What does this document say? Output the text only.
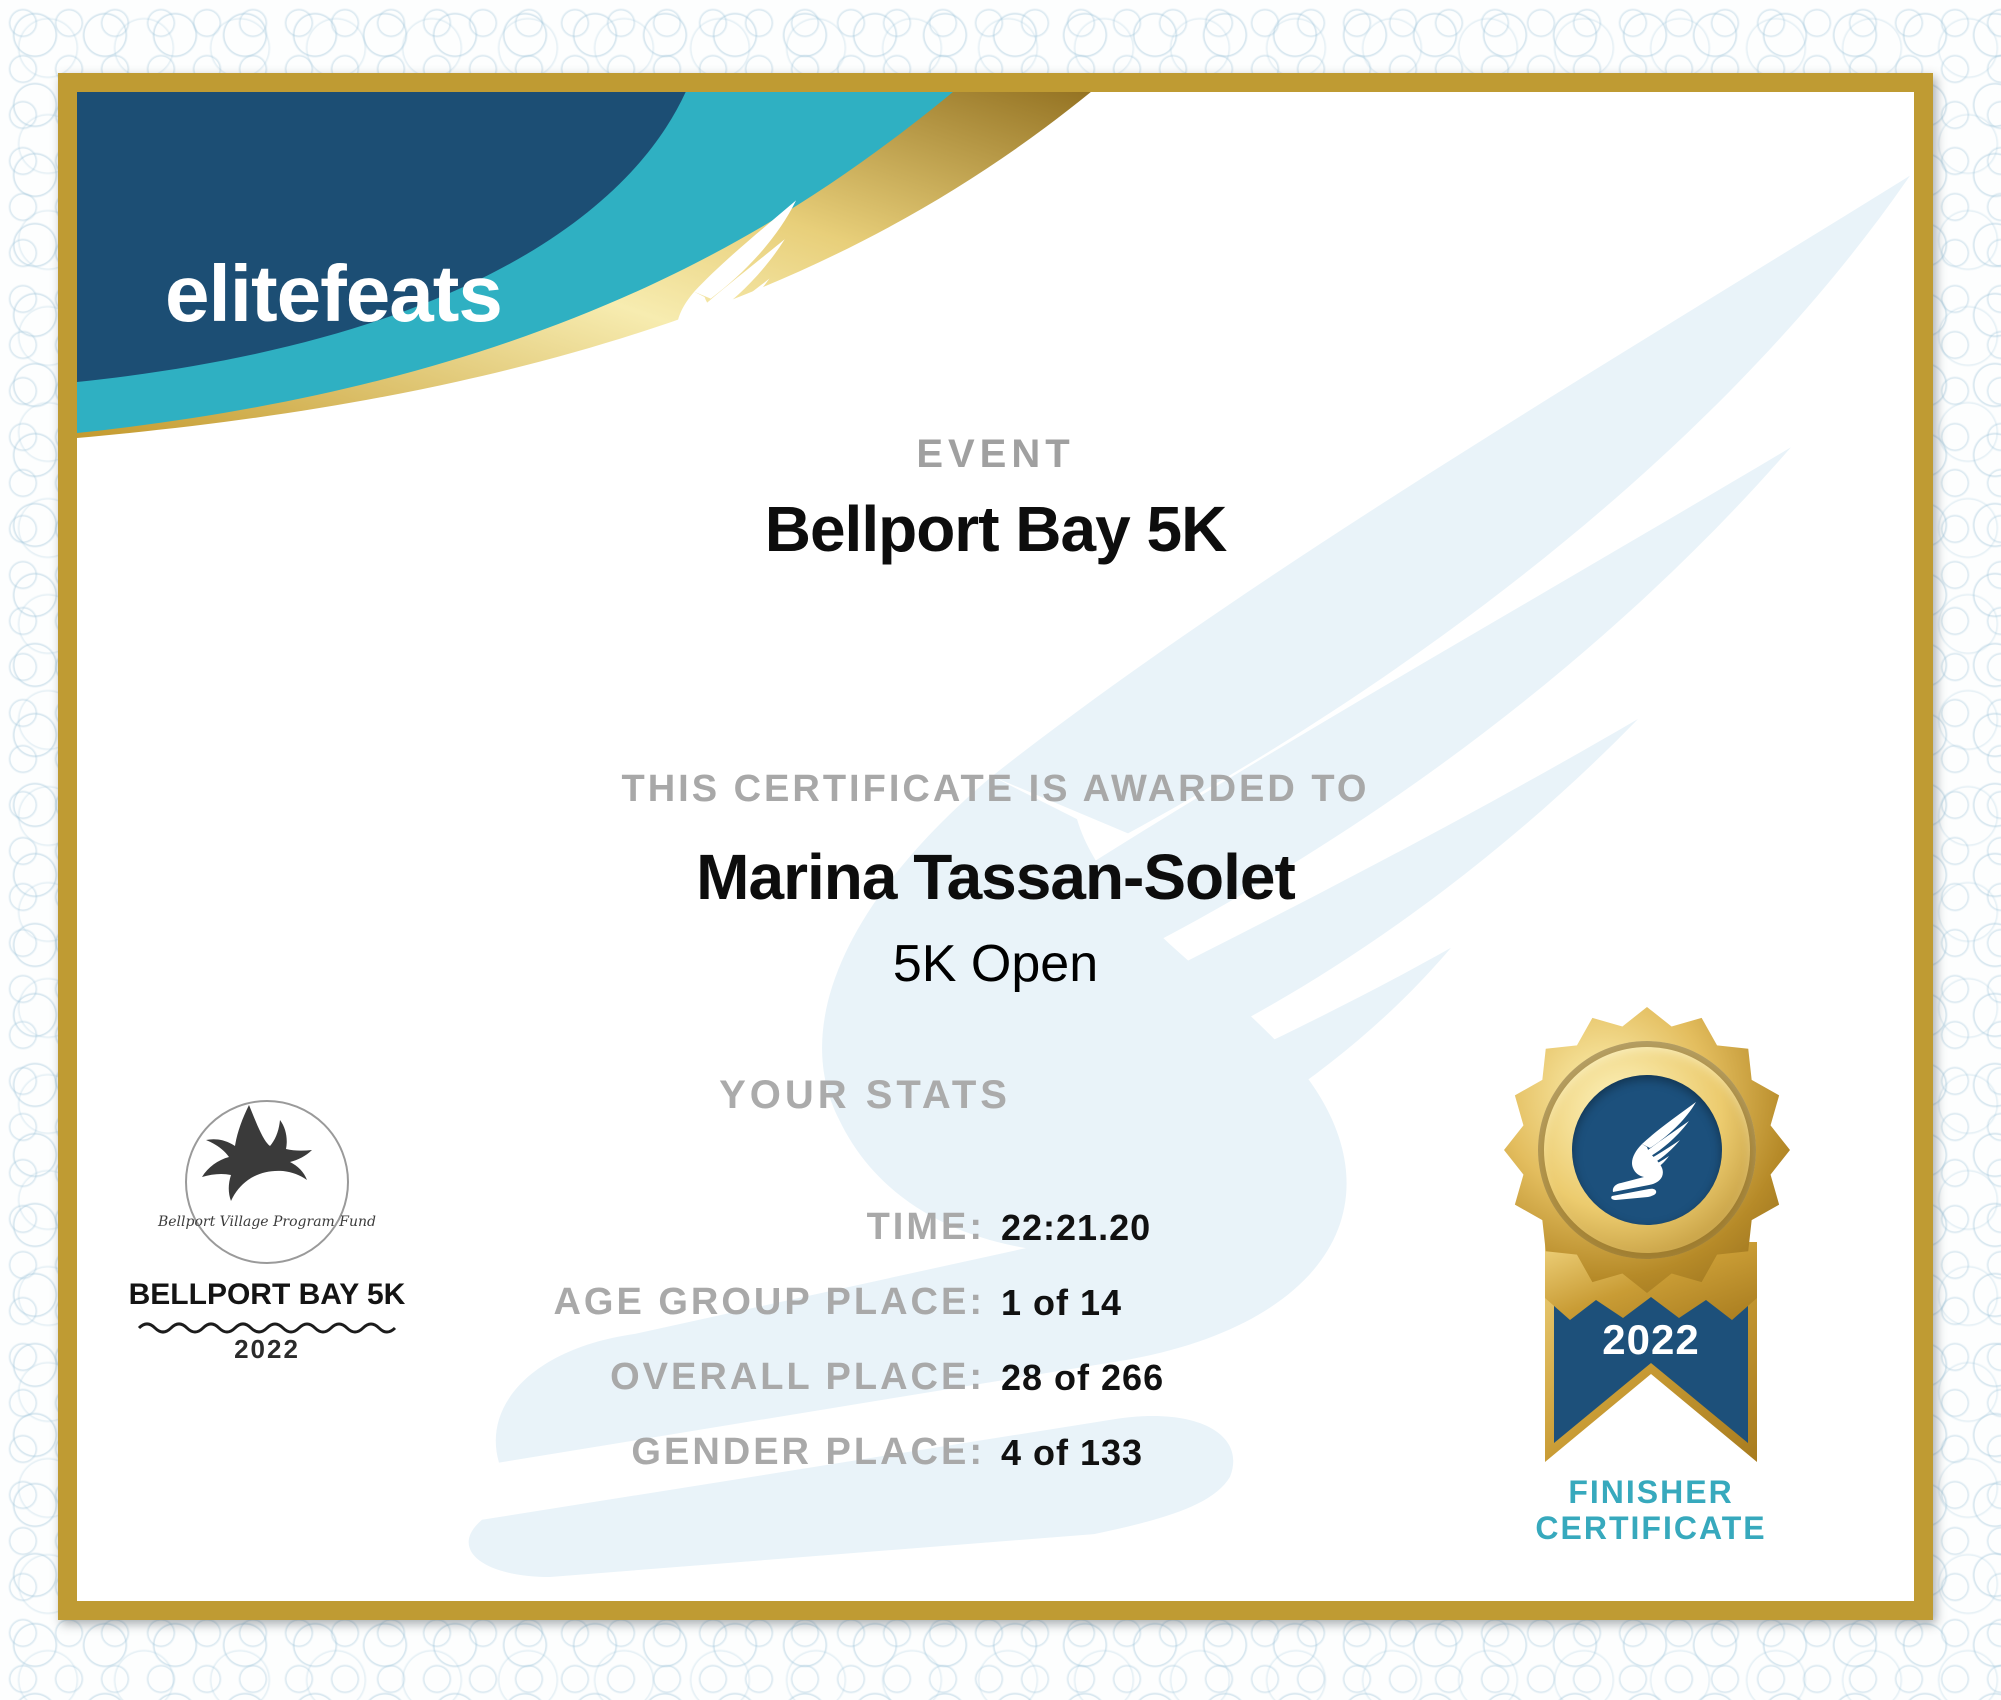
elitefeats
EVENT
Bellport Bay 5K
THIS CERTIFICATE IS AWARDED TO
Marina Tassan-Solet
5K Open
YOUR STATS
TIME: 22:21.20
AGE GROUP PLACE: 1 of 14
OVERALL PLACE: 28 of 266
GENDER PLACE: 4 of 133
Bellport Village Program Fund
BELLPORT BAY 5K
2022	2022
FINISHER
CERTIFICATE
